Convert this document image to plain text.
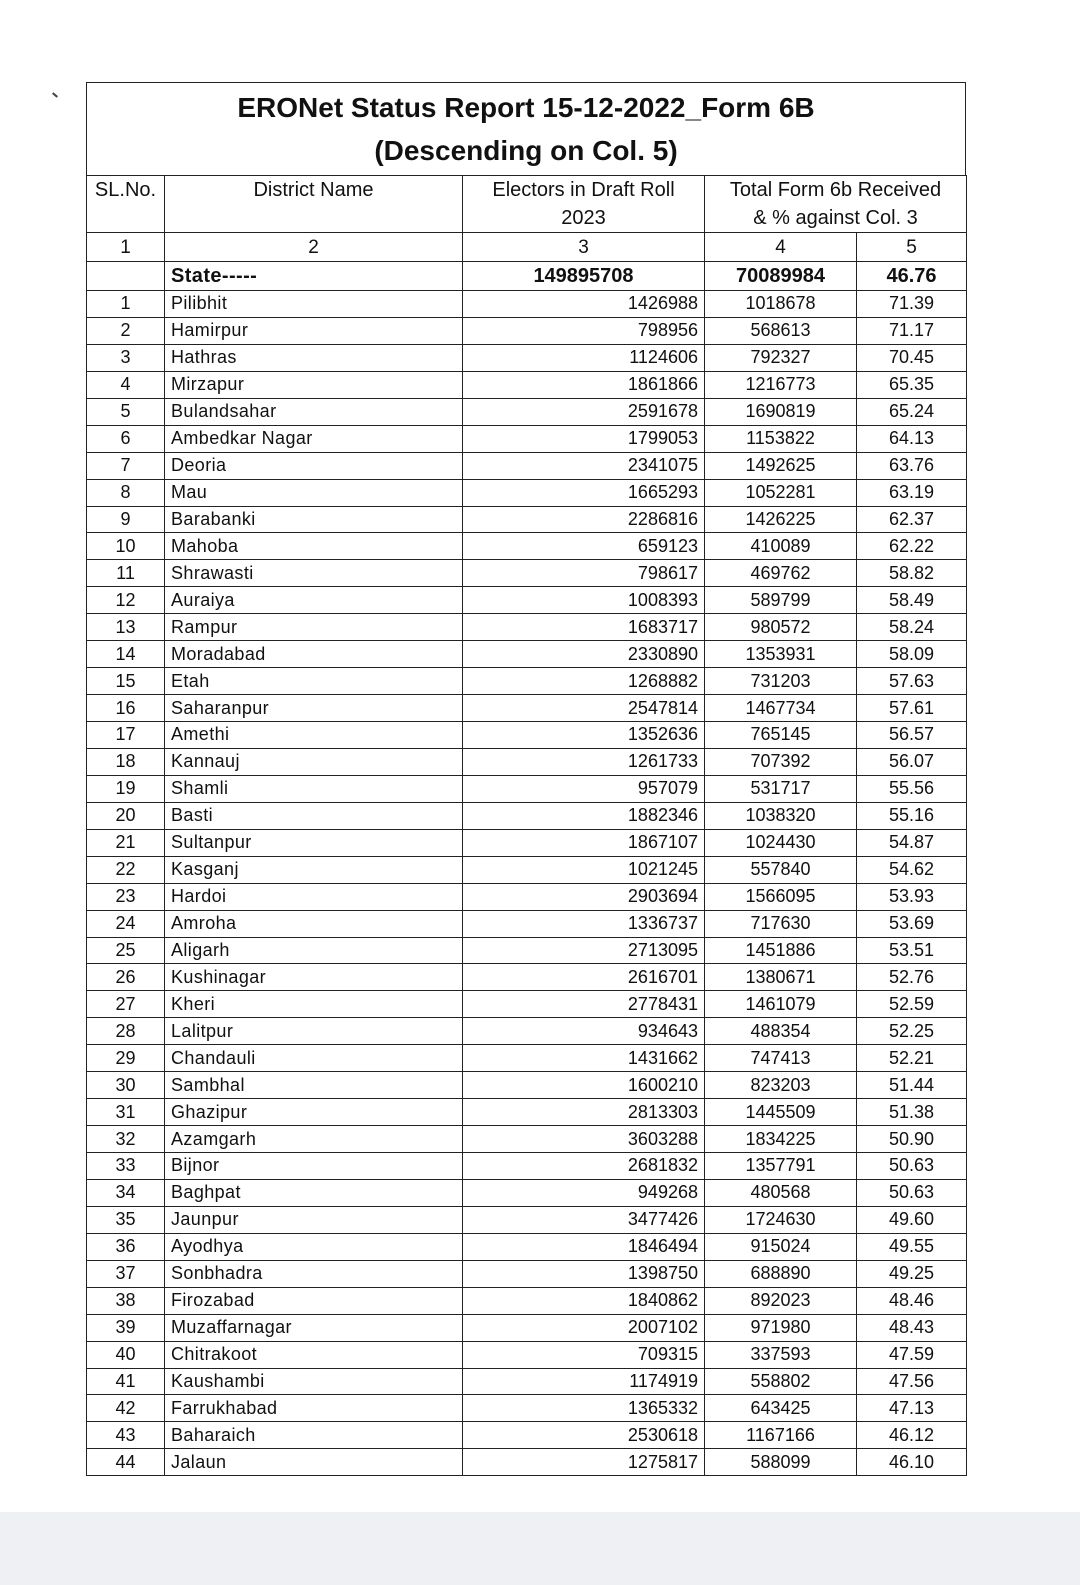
ERONet Status Report 15-12-2022_Form 6B
(Descending on Col. 5)
SL.No.	District Name	Electors in Draft Roll	Total Form 6b Received	
		2023	& % against Col. 3	
1	2	3	4	5
	State-----	149895708	70089984	46.76
1	Pilibhit	1426988	1018678	71.39
2	Hamirpur	798956	568613	71.17
3	Hathras	1124606	792327	70.45
4	Mirzapur	1861866	1216773	65.35
5	Bulandsahar	2591678	1690819	65.24
6	Ambedkar Nagar	1799053	1153822	64.13
7	Deoria	2341075	1492625	63.76
8	Mau	1665293	1052281	63.19
9	Barabanki	2286816	1426225	62.37
10	Mahoba	659123	410089	62.22
11	Shrawasti	798617	469762	58.82
12	Auraiya	1008393	589799	58.49
13	Rampur	1683717	980572	58.24
14	Moradabad	2330890	1353931	58.09
15	Etah	1268882	731203	57.63
16	Saharanpur	2547814	1467734	57.61
17	Amethi	1352636	765145	56.57
18	Kannauj	1261733	707392	56.07
19	Shamli	957079	531717	55.56
20	Basti	1882346	1038320	55.16
21	Sultanpur	1867107	1024430	54.87
22	Kasganj	1021245	557840	54.62
23	Hardoi	2903694	1566095	53.93
24	Amroha	1336737	717630	53.69
25	Aligarh	2713095	1451886	53.51
26	Kushinagar	2616701	1380671	52.76
27	Kheri	2778431	1461079	52.59
28	Lalitpur	934643	488354	52.25
29	Chandauli	1431662	747413	52.21
30	Sambhal	1600210	823203	51.44
31	Ghazipur	2813303	1445509	51.38
32	Azamgarh	3603288	1834225	50.90
33	Bijnor	2681832	1357791	50.63
34	Baghpat	949268	480568	50.63
35	Jaunpur	3477426	1724630	49.60
36	Ayodhya	1846494	915024	49.55
37	Sonbhadra	1398750	688890	49.25
38	Firozabad	1840862	892023	48.46
39	Muzaffarnagar	2007102	971980	48.43
40	Chitrakoot	709315	337593	47.59
41	Kaushambi	1174919	558802	47.56
42	Farrukhabad	1365332	643425	47.13
43	Baharaich	2530618	1167166	46.12
44	Jalaun	1275817	588099	46.10
